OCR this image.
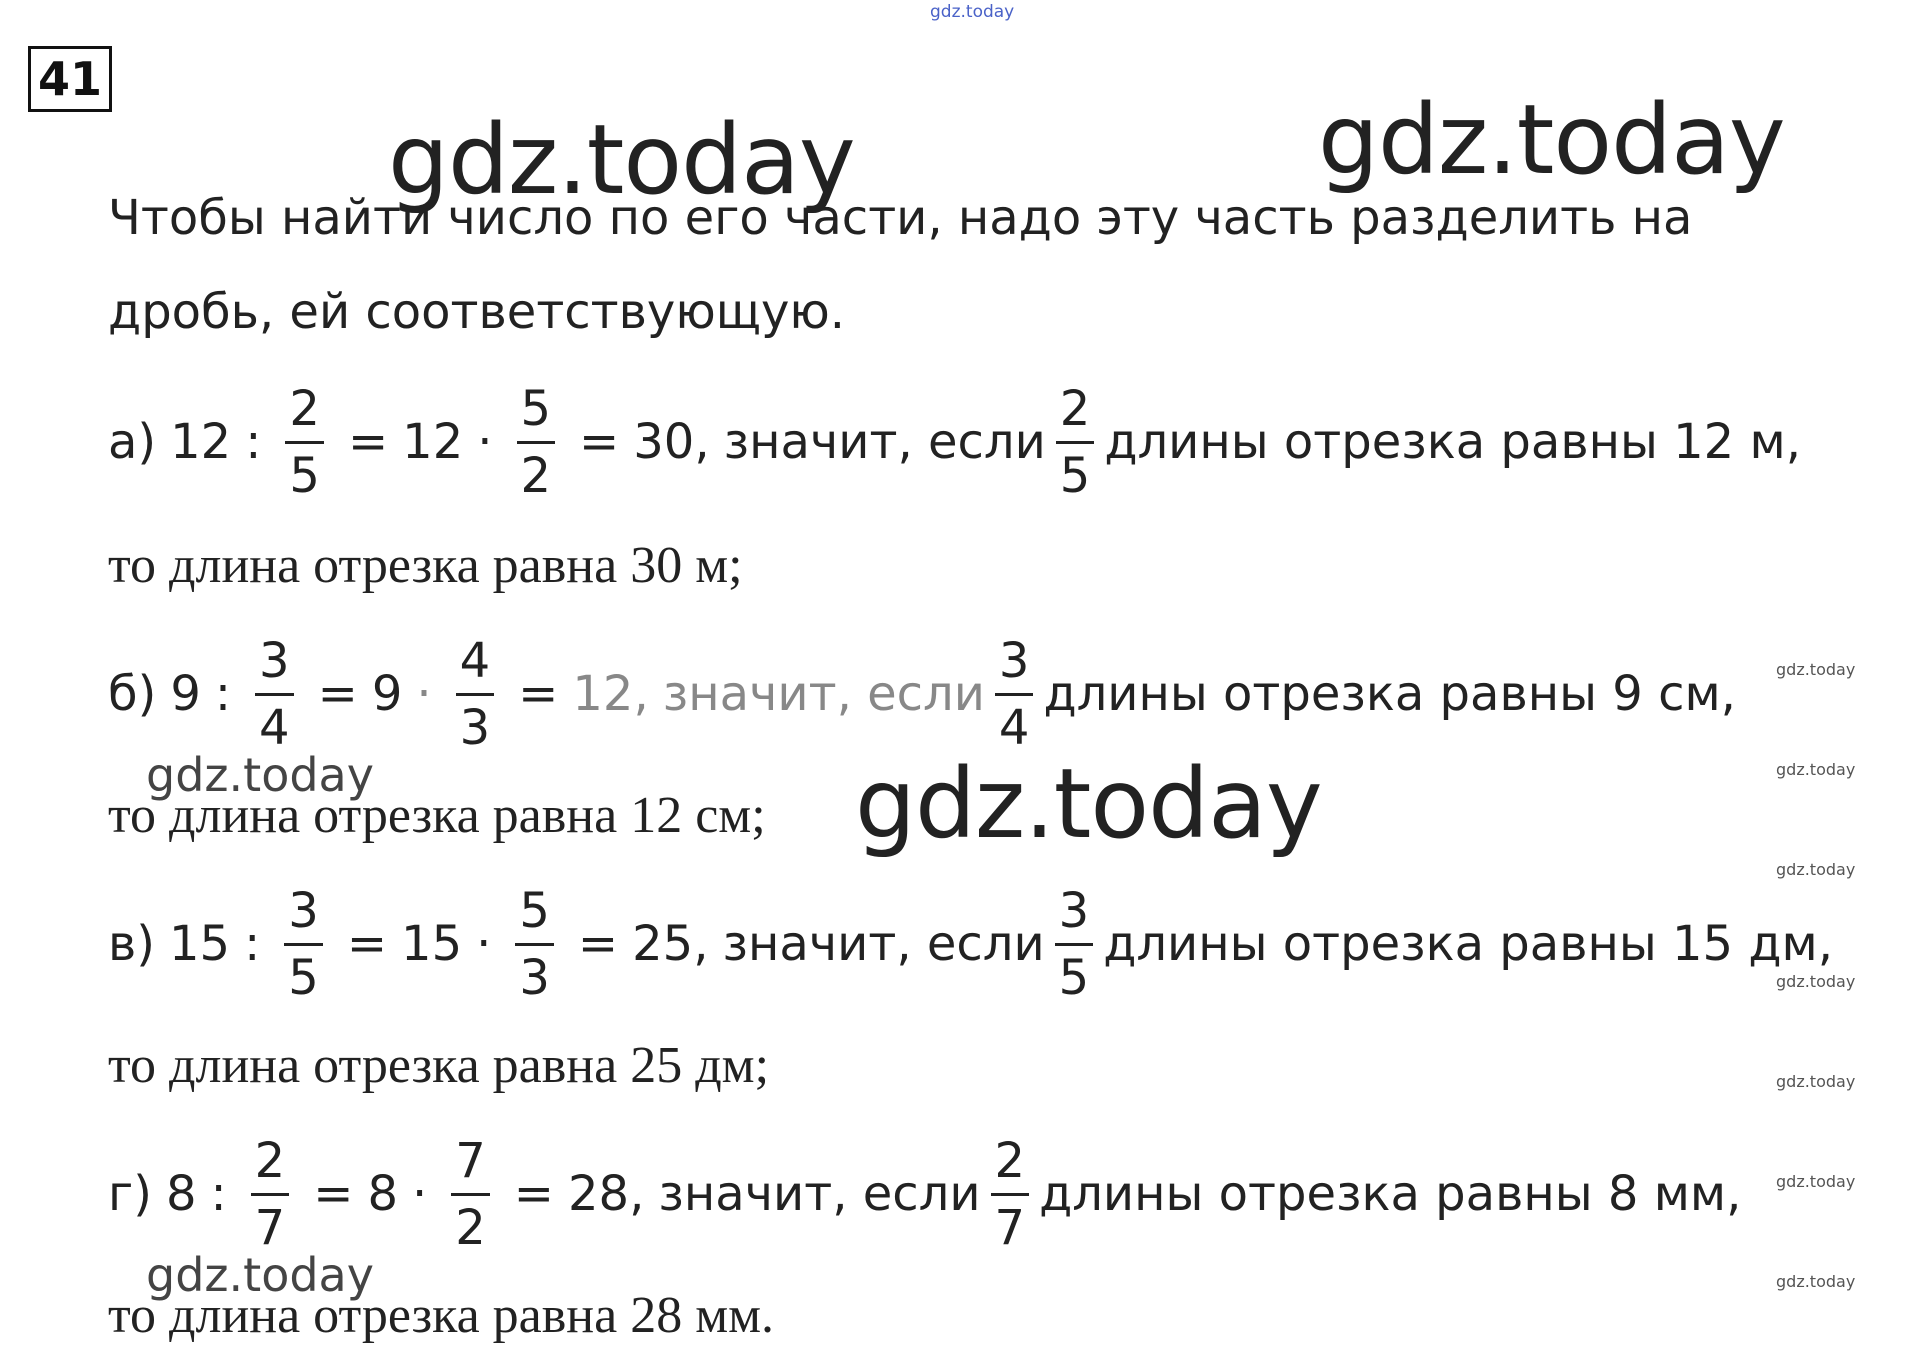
gdz.today
gdz.today	gdz.today
gdz.today
gdz.today
gdz.today
gdz.today
gdz.today
gdz.today
gdz.today
gdz.today
gdz.today
gdz.today
41
Чтобы найти число по его части, надо эту часть разделить на
дробь, ей соответствующую.
а) 12 : $\frac{2}{5} = 12 \cdot \frac{5}{2} = 30$, значит, если $\frac{2}{5}$ длины отрезка равны 12 м,
то длина отрезка равна 30 м;
б) 9 : $\frac{3}{4} = 9 \cdot \frac{4}{3} = 12$, значит, если $\frac{3}{4}$ длины отрезка равны 9 см,
то длина отрезка равна 12 см;
в) 15 : $\frac{3}{5} = 15 \cdot \frac{5}{3} = 25$, значит, если $\frac{3}{5}$ длины отрезка равны 15 дм,
то длина отрезка равна 25 дм;
г) 8 : $\frac{2}{7} = 8 \cdot \frac{7}{2} = 28$, значит, если $\frac{2}{7}$ длины отрезка равны 8 мм,
то длина отрезка равна 28 мм.
